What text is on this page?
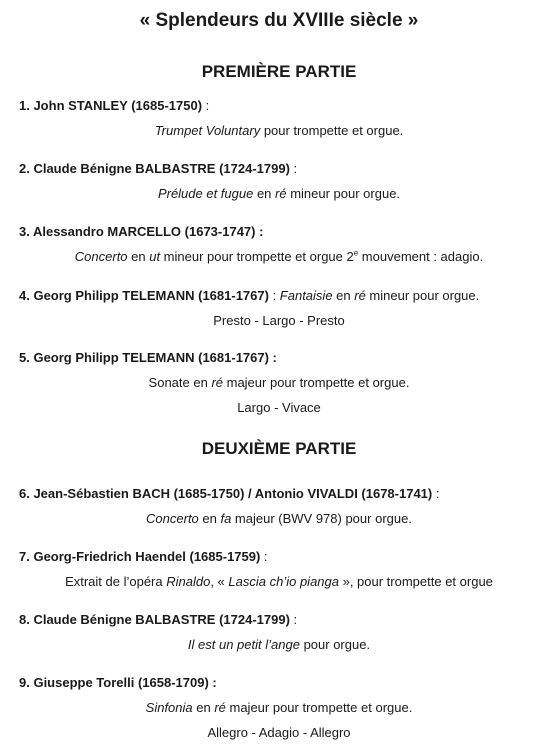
« Splendeurs du XVIIIe siècle »
PREMIÈRE PARTIE
1. John STANLEY (1685-1750) :
Trumpet Voluntary pour trompette et orgue.
2. Claude Bénigne BALBASTRE (1724-1799) :
Prélude et fugue en ré mineur pour orgue.
3. Alessandro MARCELLO (1673-1747) :
Concerto en ut mineur pour trompette et orgue 2e mouvement : adagio.
4. Georg Philipp TELEMANN (1681-1767) : Fantaisie en ré mineur pour orgue.
Presto - Largo - Presto
5. Georg Philipp TELEMANN (1681-1767) :
Sonate en ré majeur pour trompette et orgue.
Largo - Vivace
DEUXIÈME PARTIE
6. Jean-Sébastien BACH (1685-1750) / Antonio VIVALDI (1678-1741) :
Concerto en fa majeur (BWV 978) pour orgue.
7. Georg-Friedrich Haendel (1685-1759) :
Extrait de l’opéra Rinaldo, « Lascia ch’io pianga », pour trompette et orgue
8. Claude Bénigne BALBASTRE (1724-1799) :
Il est un petit l’ange pour orgue.
9. Giuseppe Torelli (1658-1709) :
Sinfonia en ré majeur pour trompette et orgue.
Allegro - Adagio - Allegro
